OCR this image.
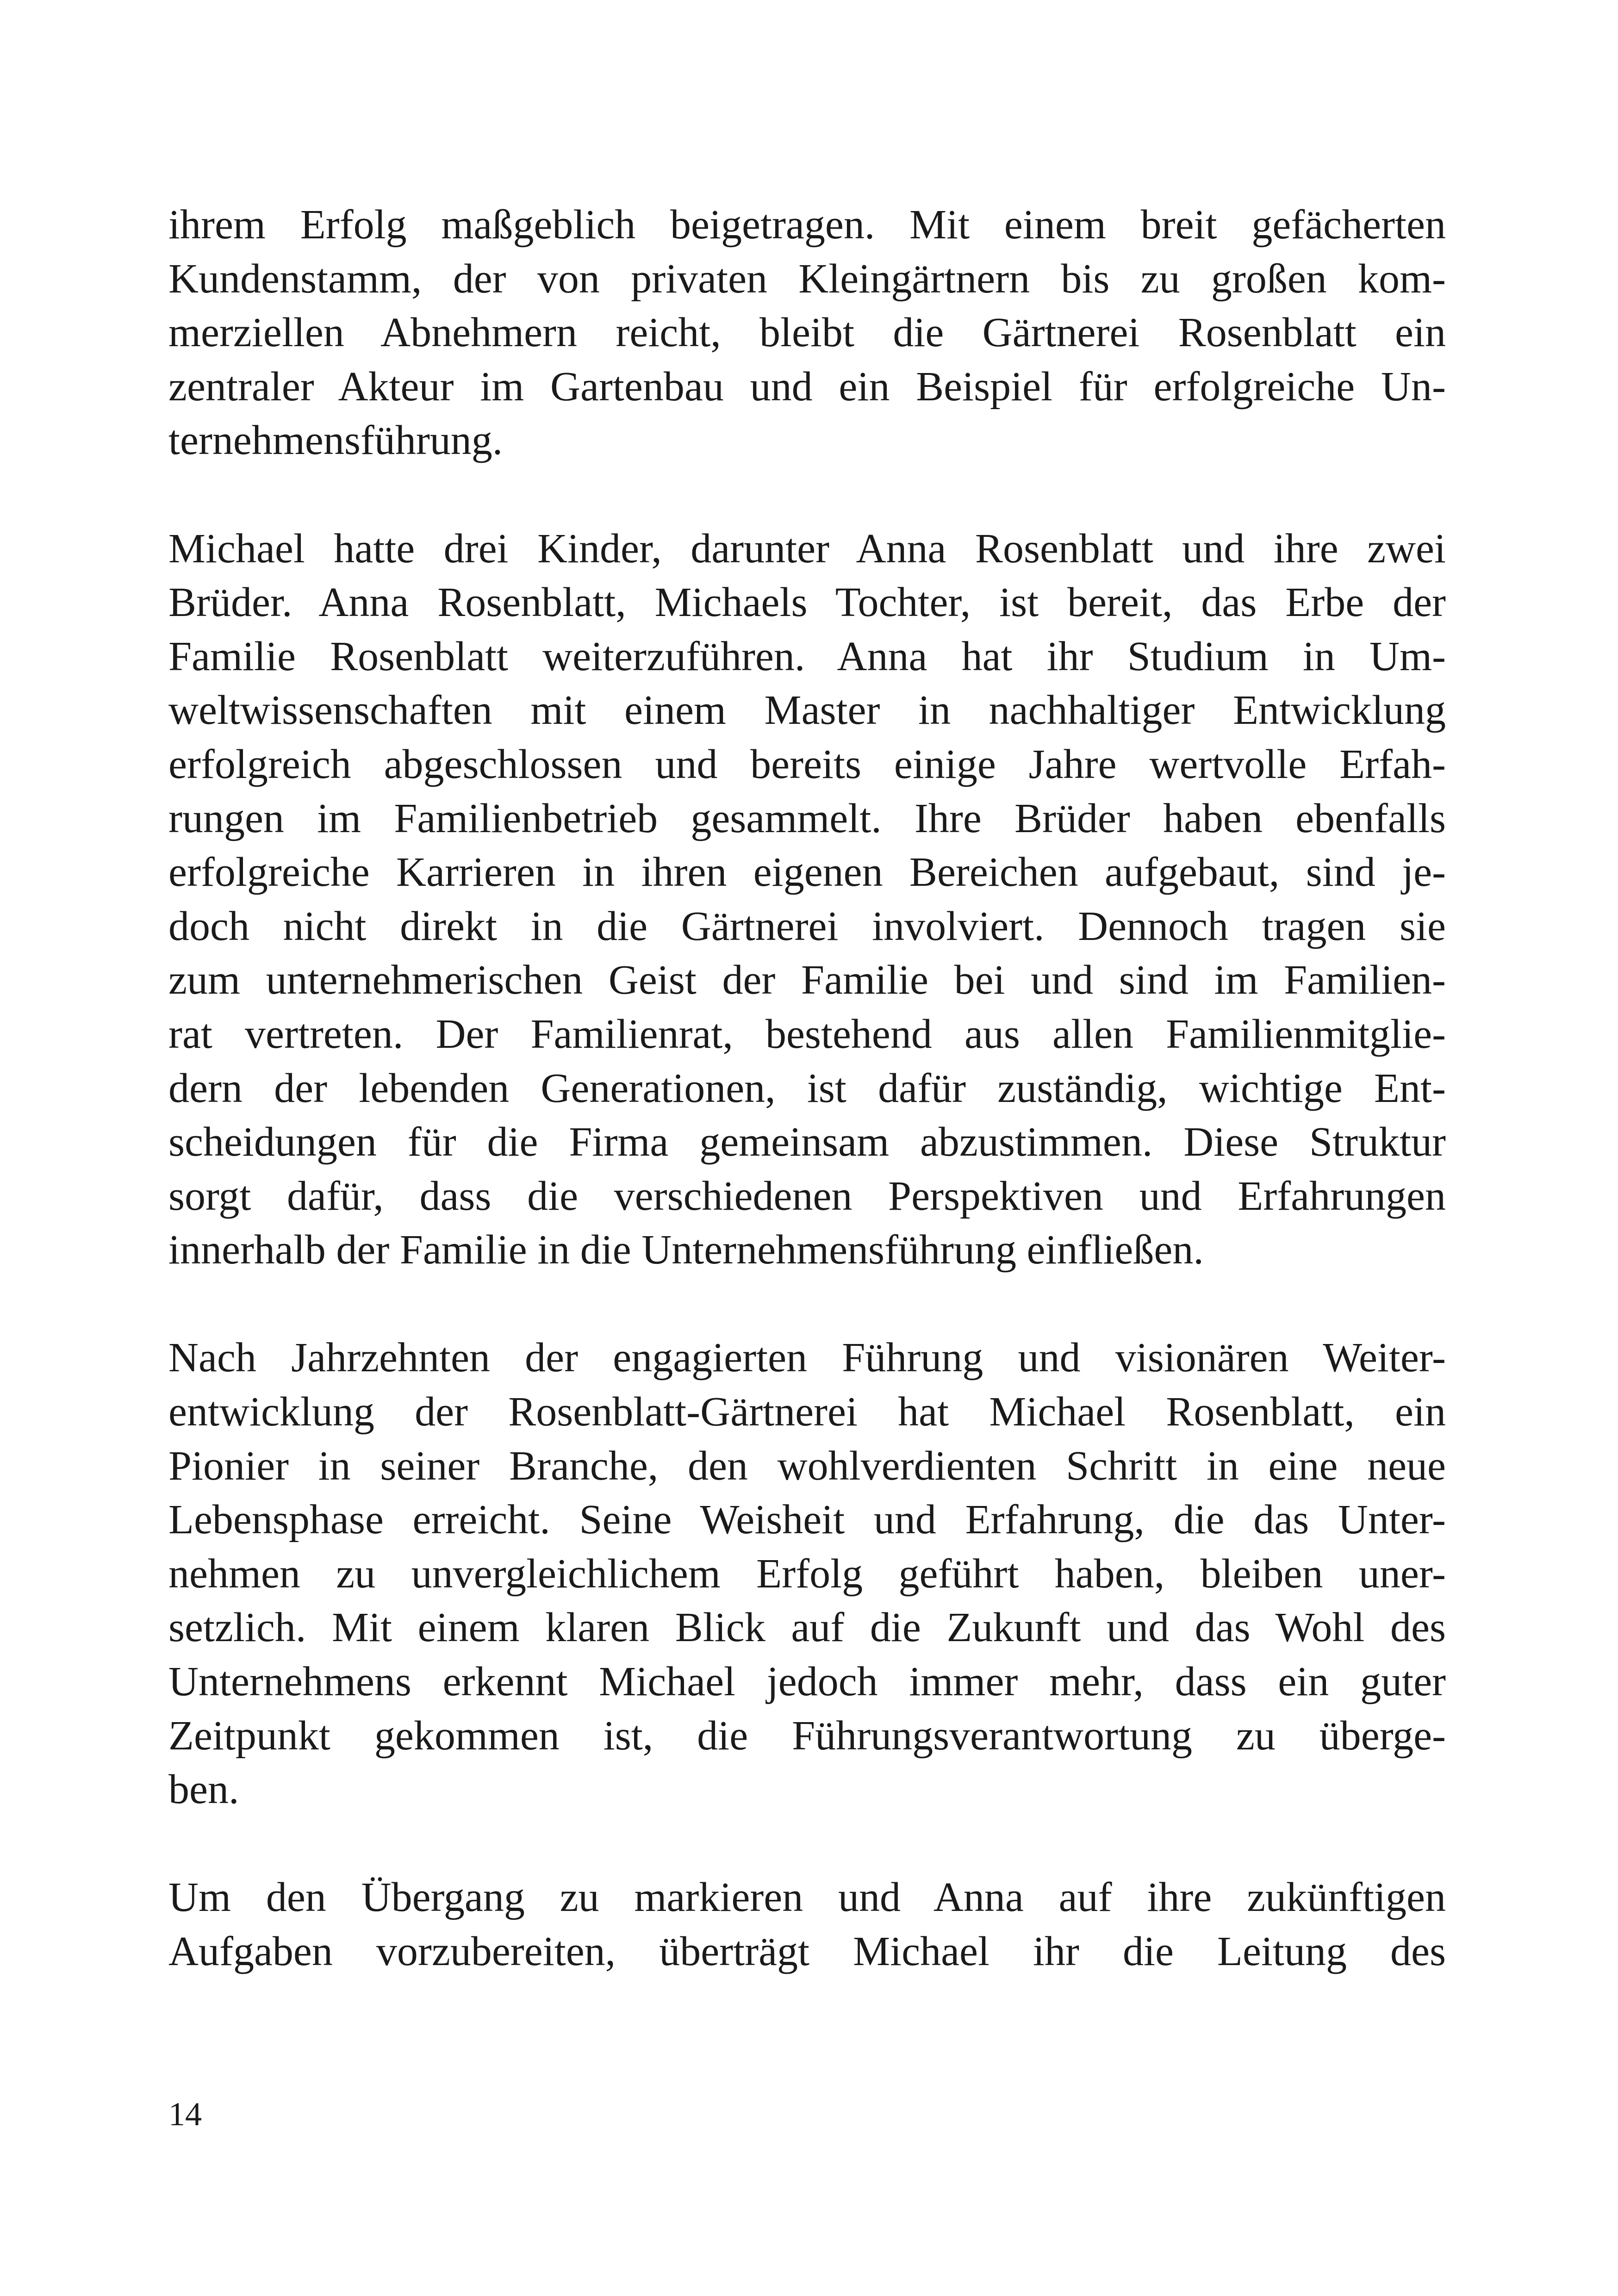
ihrem Erfolg maßgeblich beigetragen. Mit einem breit gefächerten
Kundenstamm, der von privaten Kleingärtnern bis zu großen kom-
merziellen Abnehmern reicht, bleibt die Gärtnerei Rosenblatt ein
zentraler Akteur im Gartenbau und ein Beispiel für erfolgreiche Un-
ternehmensführung.
Michael hatte drei Kinder, darunter Anna Rosenblatt und ihre zwei
Brüder. Anna Rosenblatt, Michaels Tochter, ist bereit, das Erbe der
Familie Rosenblatt weiterzuführen. Anna hat ihr Studium in Um-
weltwissenschaften mit einem Master in nachhaltiger Entwicklung
erfolgreich abgeschlossen und bereits einige Jahre wertvolle Erfah-
rungen im Familienbetrieb gesammelt. Ihre Brüder haben ebenfalls
erfolgreiche Karrieren in ihren eigenen Bereichen aufgebaut, sind je-
doch nicht direkt in die Gärtnerei involviert. Dennoch tragen sie
zum unternehmerischen Geist der Familie bei und sind im Familien-
rat vertreten. Der Familienrat, bestehend aus allen Familienmitglie-
dern der lebenden Generationen, ist dafür zuständig, wichtige Ent-
scheidungen für die Firma gemeinsam abzustimmen. Diese Struktur
sorgt dafür, dass die verschiedenen Perspektiven und Erfahrungen
innerhalb der Familie in die Unternehmensführung einfließen.
Nach Jahrzehnten der engagierten Führung und visionären Weiter-
entwicklung der Rosenblatt-Gärtnerei hat Michael Rosenblatt, ein
Pionier in seiner Branche, den wohlverdienten Schritt in eine neue
Lebensphase erreicht. Seine Weisheit und Erfahrung, die das Unter-
nehmen zu unvergleichlichem Erfolg geführt haben, bleiben uner-
setzlich. Mit einem klaren Blick auf die Zukunft und das Wohl des
Unternehmens erkennt Michael jedoch immer mehr, dass ein guter
Zeitpunkt gekommen ist, die Führungsverantwortung zu überge-
ben.
Um den Übergang zu markieren und Anna auf ihre zukünftigen
Aufgaben vorzubereiten, überträgt Michael ihr die Leitung des
14
